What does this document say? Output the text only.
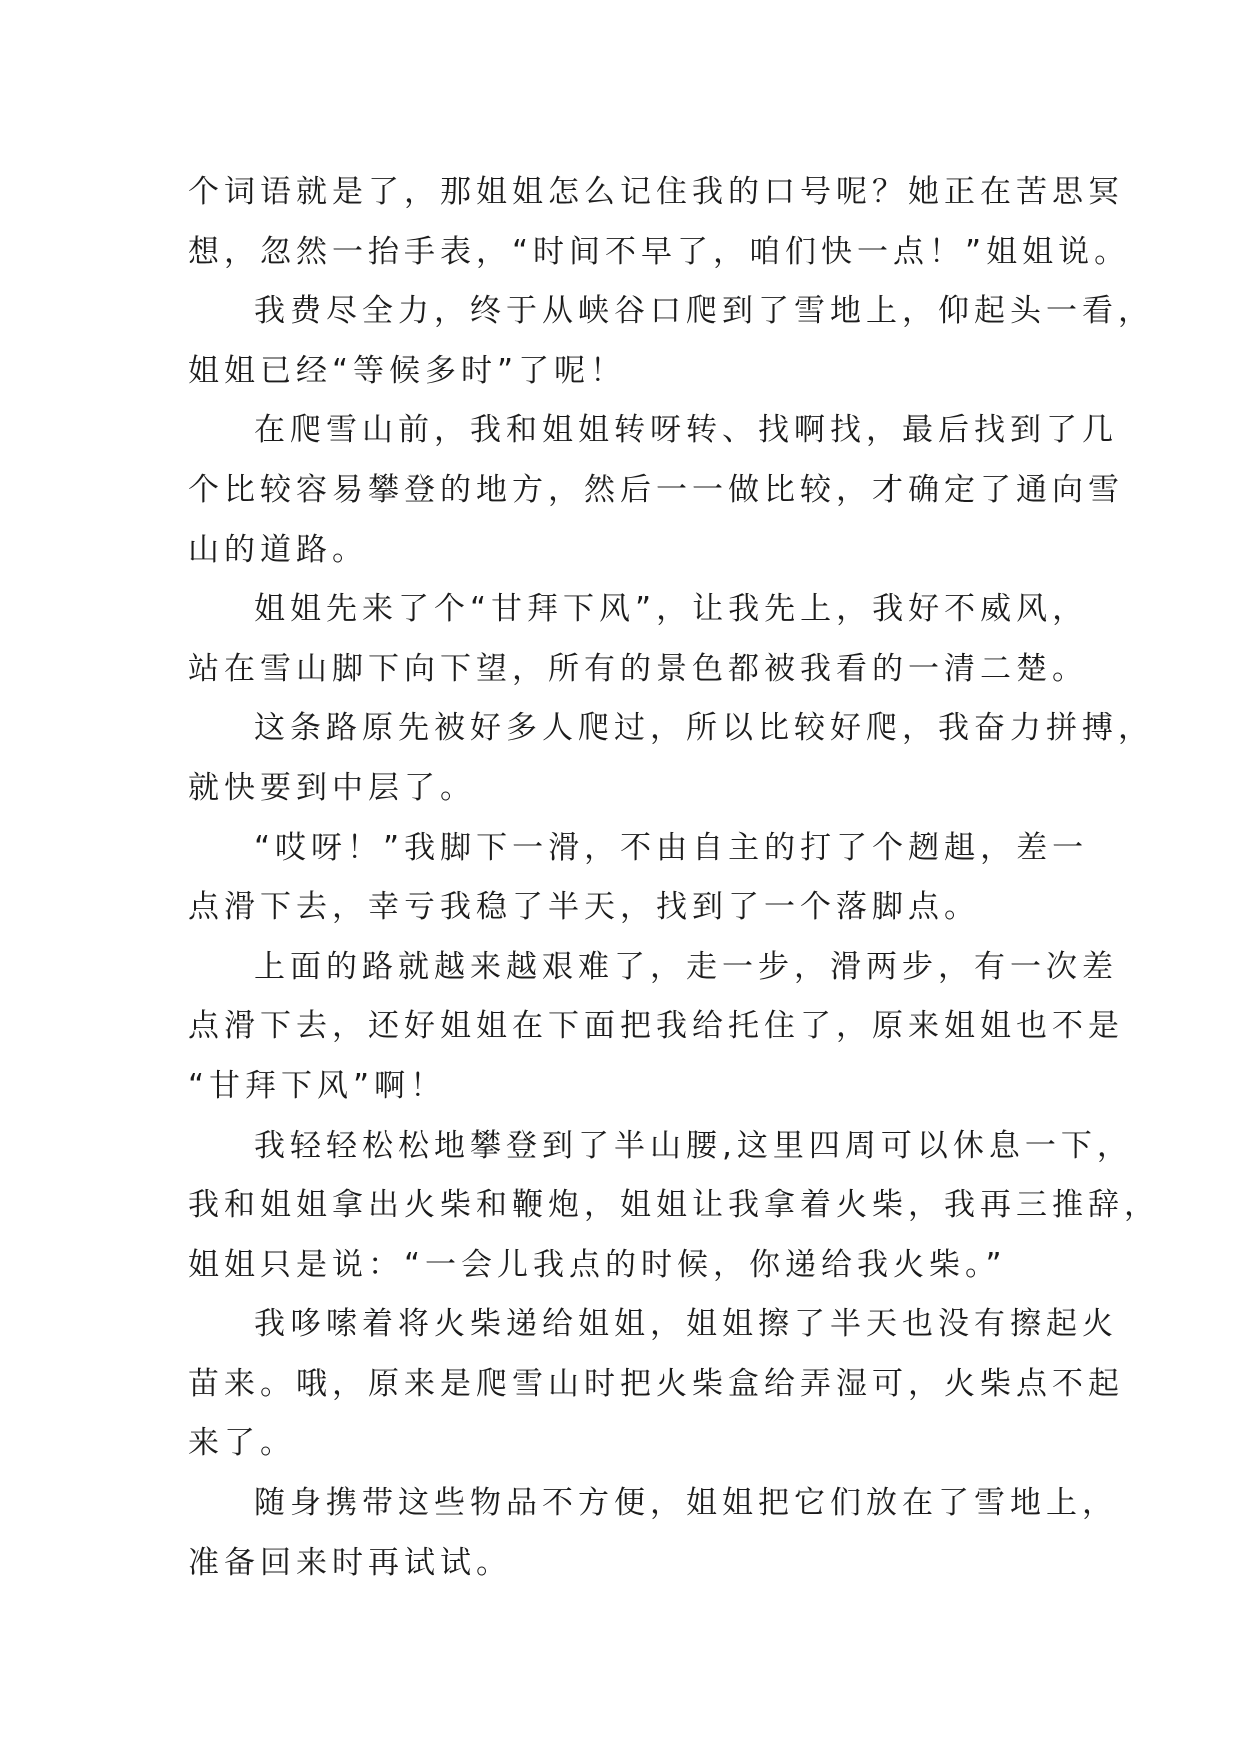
个词语就是了，那姐姐怎么记住我的口号呢？她正在苦思冥
想，忽然一抬手表，“时间不早了，咱们快一点！”姐姐说。
我费尽全力，终于从峡谷口爬到了雪地上，仰起头一看，
姐姐已经“等候多时”了呢！
在爬雪山前，我和姐姐转呀转、找啊找，最后找到了几
个比较容易攀登的地方，然后一一做比较，才确定了通向雪
山的道路。
姐姐先来了个“甘拜下风”，让我先上，我好不威风，
站在雪山脚下向下望，所有的景色都被我看的一清二楚。
这条路原先被好多人爬过，所以比较好爬，我奋力拼搏，
就快要到中层了。
“哎呀！”我脚下一滑，不由自主的打了个趔趄，差一
点滑下去，幸亏我稳了半天，找到了一个落脚点。
上面的路就越来越艰难了，走一步，滑两步，有一次差
点滑下去，还好姐姐在下面把我给托住了，原来姐姐也不是
“甘拜下风”啊！
我轻轻松松地攀登到了半山腰,这里四周可以休息一下，
我和姐姐拿出火柴和鞭炮，姐姐让我拿着火柴，我再三推辞，
姐姐只是说：“一会儿我点的时候，你递给我火柴。”
我哆嗦着将火柴递给姐姐，姐姐擦了半天也没有擦起火
苗来。哦，原来是爬雪山时把火柴盒给弄湿可，火柴点不起
来了。
随身携带这些物品不方便，姐姐把它们放在了雪地上，
准备回来时再试试。
